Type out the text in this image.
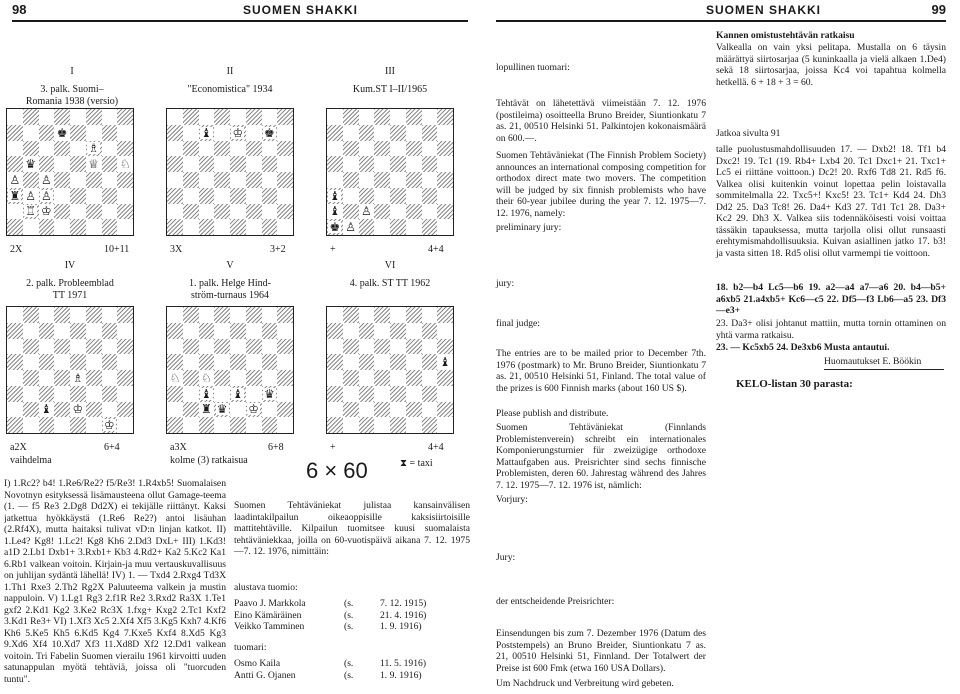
98	SUOMEN SHAKKI	SUOMEN SHAKKI	99
I
3. palk. Suomi–
Romania 1938 (versio)
♚
♗
♛	♕ ♘
♙ ♙
♜ ♙ ♙
♖ ♔
2X	10+11
II
"Economistica" 1934
♝ ♔ ♚
3X	3+2
III
Kum.ST I–II/1965
♝
♝ ♙
♚ ♙
+	4+4
IV
2. palk. Probleemblad
TT 1971
♗
♝ ♔
♔
a2X	6+4
vaihdelma
V
1. palk. Helge Hind-
ström-turnaus 1964
♘ ♘
♝ ♝ ♛
♜ ♛ ♔
a3X	6+8
kolme (3) ratkaisua
VI
4. palk. ST TT 1962
♝
+	4+4
⧗ = taxi
I) 1.Rc2? b4! 1.Re6/Re2? f5/Re3! 1.R4xb5! Suomalaisen Novotnyn esityksessä lisämausteena ollut Gamage-teema (1. — f5 Re3 2.Dg8 Dd2X) ei tekijälle riittänyt. Kaksi jatkettua hyökkäystä (1.Re6 Re2?) antoi lisäuhan (2.Rf4X), mutta haitaksi tulivat vD:n linjan katkot. II) 1.Le4? Kg8! 1.Lc2! Kg8 Kh6 2.Dd3 DxL+ III) 1.Kd3! a1D 2.Lb1 Dxb1+ 3.Rxb1+ Kb3 4.Rd2+ Ka2 5.Kc2 Ka1 6.Rb1 valkean voitoin. Kirjain-ja muu vertauskuvallisuus on juhlijan sydäntä lähellä! IV) 1. — Txd4 2.Rxg4 Td3X 1.Th1 Rxe3 2.Th2 Rg2X Paluuteema valkein ja mustin nappuloin. V) 1.Lg1 Rg3 2.f1R Re2 3.Rxd2 Ra3X 1.Te1 gxf2 2.Kd1 Kg2 3.Ke2 Rc3X 1.fxg+ Kxg2 2.Tc1 Kxf2 3.Kd1 Re3+ VI) 1.Xf3 Xc5 2.Xf4 Xf5 3.Kg5 Kxh7 4.Kf6 Kh6 5.Ke5 Kh5 6.Kd5 Kg4 7.Kxe5 Kxf4 8.Xd5 Kg3 9.Xd6 Xf4 10.Xd7 Xf3 11.Xd8D Xf2 12.Dd1 valkean voitoin. Tri Fabelin Suomen vierailu 1961 kirvoitti uuden satunappulan myötä tehtäviä, joissa oli "tuorcuden tuntu".
6 × 60
Suomen Tehtäväniekat julistaa kansainvälisen laadintakilpailun oikeaoppisille kaksisiirtoisille mattitehtäville. Kilpailun tuomitsee kuusi suomalaista tehtäväniekkaa, joilla on 60-vuotispäivä aikana 7. 12. 1975—7. 12. 1976, nimittäin:
alustava tuomio:
Paavo J. Markkola	(s.	7. 12. 1915)
Eino Kämäräinen	(s.	21. 4. 1916)
Veikko Tamminen	(s.	1. 9. 1916)
tuomari:
Osmo Kaila	(s.	11. 5. 1916)
Antti G. Ojanen	(s.	1. 9. 1916)
lopullinen tuomari:
Tehtävät on lähetettävä viimeistään 7. 12. 1976 (postileima) osoitteella Bruno Breider, Siuntionkatu 7 as. 21, 00510 Helsinki 51. Palkintojen kokonaismäärä on 600.—.
Suomen Tehtäväniekat (The Finnish Problem Society) announces an international composing competition for orthodox direct mate two movers. The competition will be judged by six finnish problemists who have their 60-year jubilee during the year 7. 12. 1975—7. 12. 1976, namely:
preliminary jury:
jury:
final judge:
The entries are to be mailed prior to December 7th. 1976 (postmark) to Mr. Bruno Breider, Siuntionkatu 7 as. 21, 00510 Helsinki 51, Finland. The total value of the prizes is 600 Finnish marks (about 160 US $).
Please publish and distribute.
Suomen Tehtäväniekat (Finnlands Problemistenverein) schreibt ein internationales Komponierungsturnier für zweizügige orthodoxe Mattaufgaben aus. Preisrichter sind sechs finnische Problemisten, deren 60. Jahrestag während des Jahres 7. 12. 1975—7. 12. 1976 ist, nämlich:
Vorjury:
Jury:
der entscheidende Preisrichter:
Einsendungen bis zum 7. Dezember 1976 (Datum des Poststempels) an Bruno Breider, Siuntionkatu 7 as. 21, 00510 Helsinki 51, Finnland. Der Totalwert der Preise ist 600 Fmk (etwa 160 USA Dollars).
Um Nachdruck und Verbreitung wird gebeten.
Kannen omistustehtävän ratkaisu
Valkealla on vain yksi pelitapa. Mustalla on 6 täysin määrättyä siirtosarjaa (5 kuninkaalla ja vielä alkaen 1.De4) sekä 18 siirtosarjaa, joissa Kc4 voi tapahtua kolmella hetkellä. 6 + 18 + 3 = 60.
Jatkoa sivulta 91
talle puolustusmahdollisuuden 17. — Dxb2! 18. Tf1 b4 Dxc2! 19. Tc1 (19. Rb4+ Lxb4 20. Tc1 Dxc1+ 21. Txc1+ Lc5 ei riittäne voittoon.) Dc2! 20. Rxf6 Td8 21. Rd5 f6. Valkea olisi kuitenkin voinut lopettaa pelin loistavalla sommitelmalla 22. Txc5+! Kxc5! 23. Tc1+ Kd4 24. Dh3 Dd2 25. Da3 Tc8! 26. Da4+ Kd3 27. Td1 Tc1 28. Da3+ Kc2 29. Dh3 X. Valkea siis todennäköisesti voisi voittaa tässäkin tapauksessa, mutta tarjolla olisi ollut runsaasti erehtymismahdollisuuksia. Kuivan asiallinen jatko 17. b3! ja vasta sitten 18. Rd5 olisi ollut varmempi tie voittoon.
18. b2—b4 Lc5—b6 19. a2—a4 a7—a6 20. b4—b5+ a6xb5 21.a4xb5+ Kc6—c5 22. Df5—f3 Lb6—a5 23. Df3—e3+
23. Da3+ olisi johtanut mattiin, mutta tornin ottaminen on yhtä varma ratkaisu.
23. — Kc5xb5 24. De3xb6 Musta antautui.
Huomautukset E. Böökin
KELO-listan 30 parasta:
